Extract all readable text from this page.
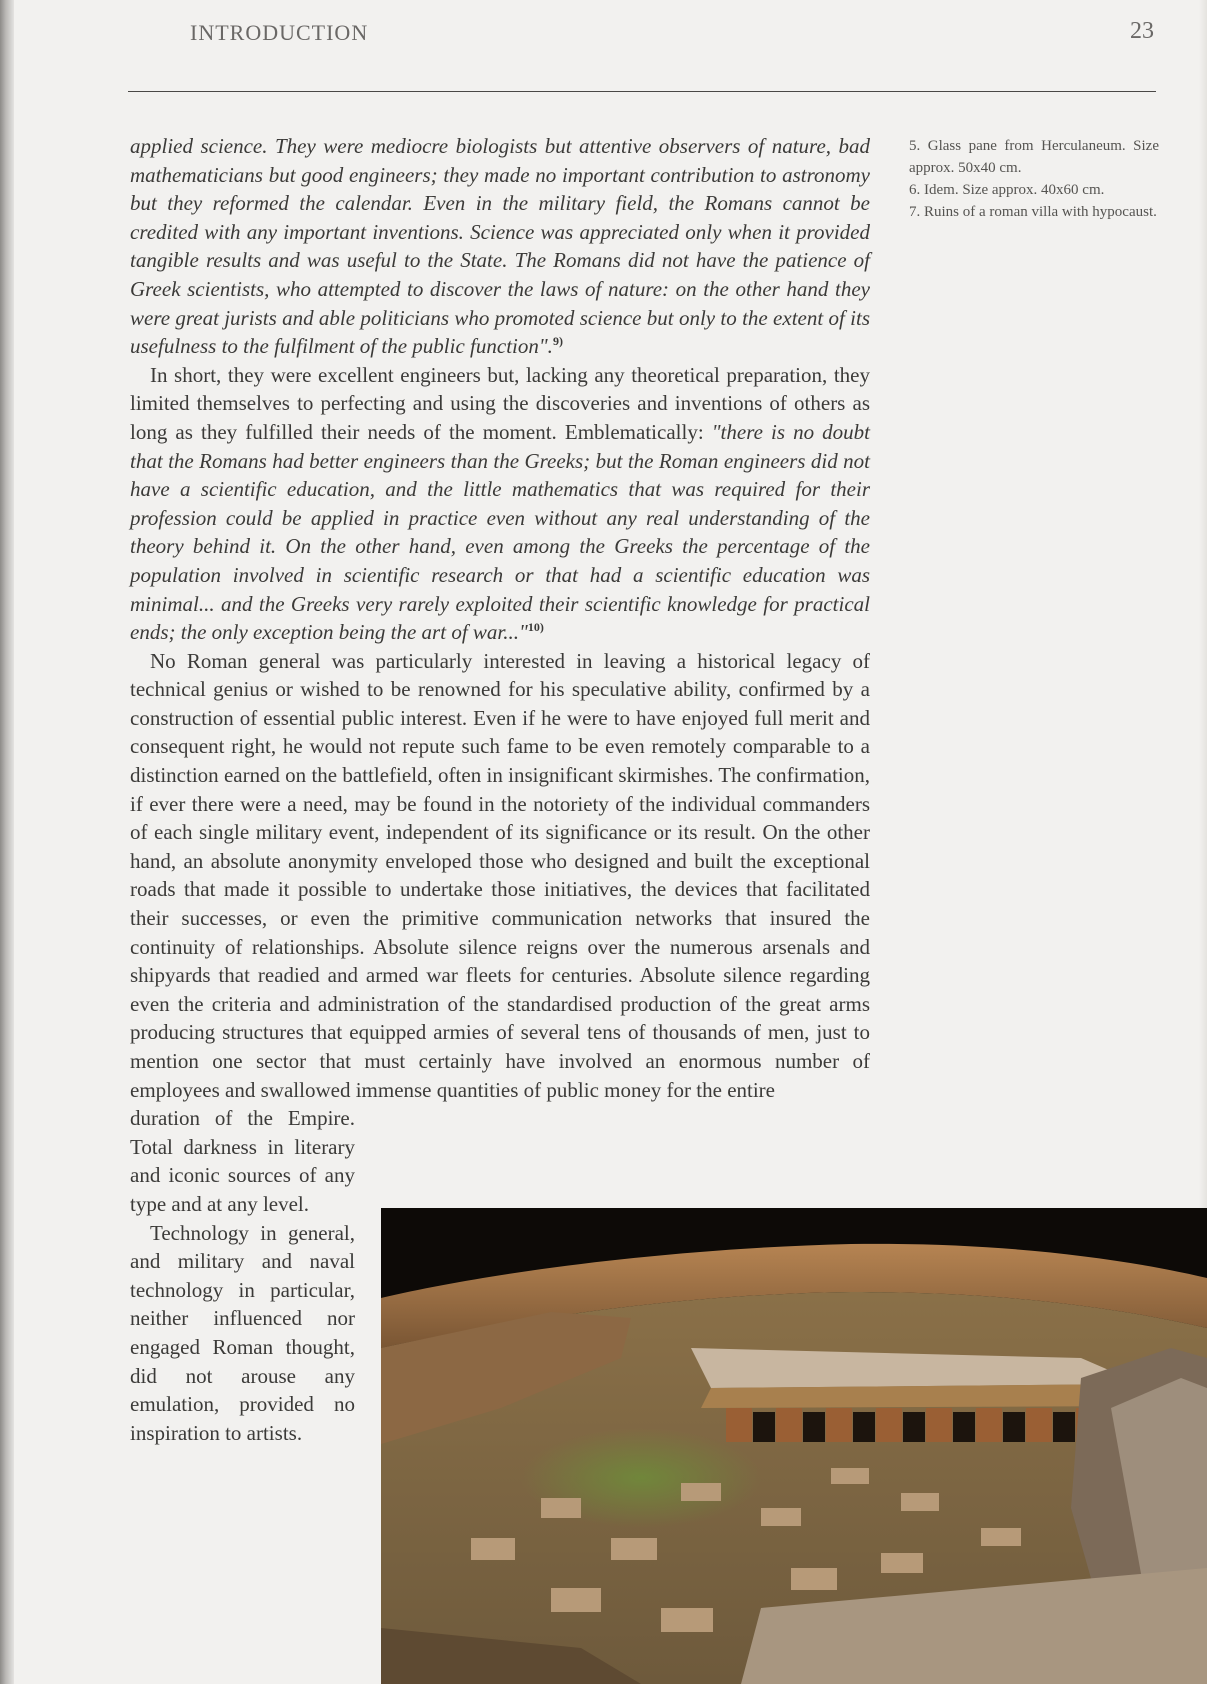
INTRODUCTION	23

applied science. They were mediocre biologists but attentive observers of nature, bad mathematicians but good engineers; they made no important contribution to astronomy but they reformed the calendar. Even in the military field, the Romans cannot be credited with any important inventions. Science was appreciated only when it provided tangible results and was useful to the State. The Romans did not have the patience of Greek scientists, who attempted to discover the laws of nature: on the other hand they were great jurists and able politicians who promoted science but only to the extent of its usefulness to the fulfilment of the public function".$^{9)}$

In short, they were excellent engineers but, lacking any theoretical preparation, they limited themselves to perfecting and using the discoveries and inventions of others as long as they fulfilled their needs of the moment. Emblematically: "there is no doubt that the Romans had better engineers than the Greeks; but the Roman engineers did not have a scientific education, and the little mathematics that was required for their profession could be applied in practice even without any real understanding of the theory behind it. On the other hand, even among the Greeks the percentage of the population involved in scientific research or that had a scientific education was minimal... and the Greeks very rarely exploited their scientific knowledge for practical ends; the only exception being the art of war..."$^{10)}$

No Roman general was particularly interested in leaving a historical legacy of technical genius or wished to be renowned for his speculative ability, confirmed by a construction of essential public interest. Even if he were to have enjoyed full merit and consequent right, he would not repute such fame to be even remotely comparable to a distinction earned on the battlefield, often in insignificant skirmishes. The confirmation, if ever there were a need, may be found in the notoriety of the individual commanders of each single military event, independent of its significance or its result. On the other hand, an absolute anonymity enveloped those who designed and built the exceptional roads that made it possible to undertake those initiatives, the devices that facilitated their successes, or even the primitive communication networks that insured the continuity of relationships. Absolute silence reigns over the numerous arsenals and shipyards that readied and armed war fleets for centuries. Absolute silence regarding even the criteria and administration of the standardised production of the great arms producing structures that equipped armies of several tens of thousands of men, just to mention one sector that must certainly have involved an enormous number of employees and swallowed immense quantities of public money for the entire

duration of the Empire. Total darkness in literary and iconic sources of any type and at any level.

Technology in general, and military and naval technology in particular, neither influenced nor engaged Roman thought, did not arouse any emulation, provided no inspiration to artists.

5. Glass pane from Herculaneum. Size approx. 50x40 cm.
6. Idem. Size approx. 40x60 cm.
7. Ruins of a roman villa with hypocaust.
